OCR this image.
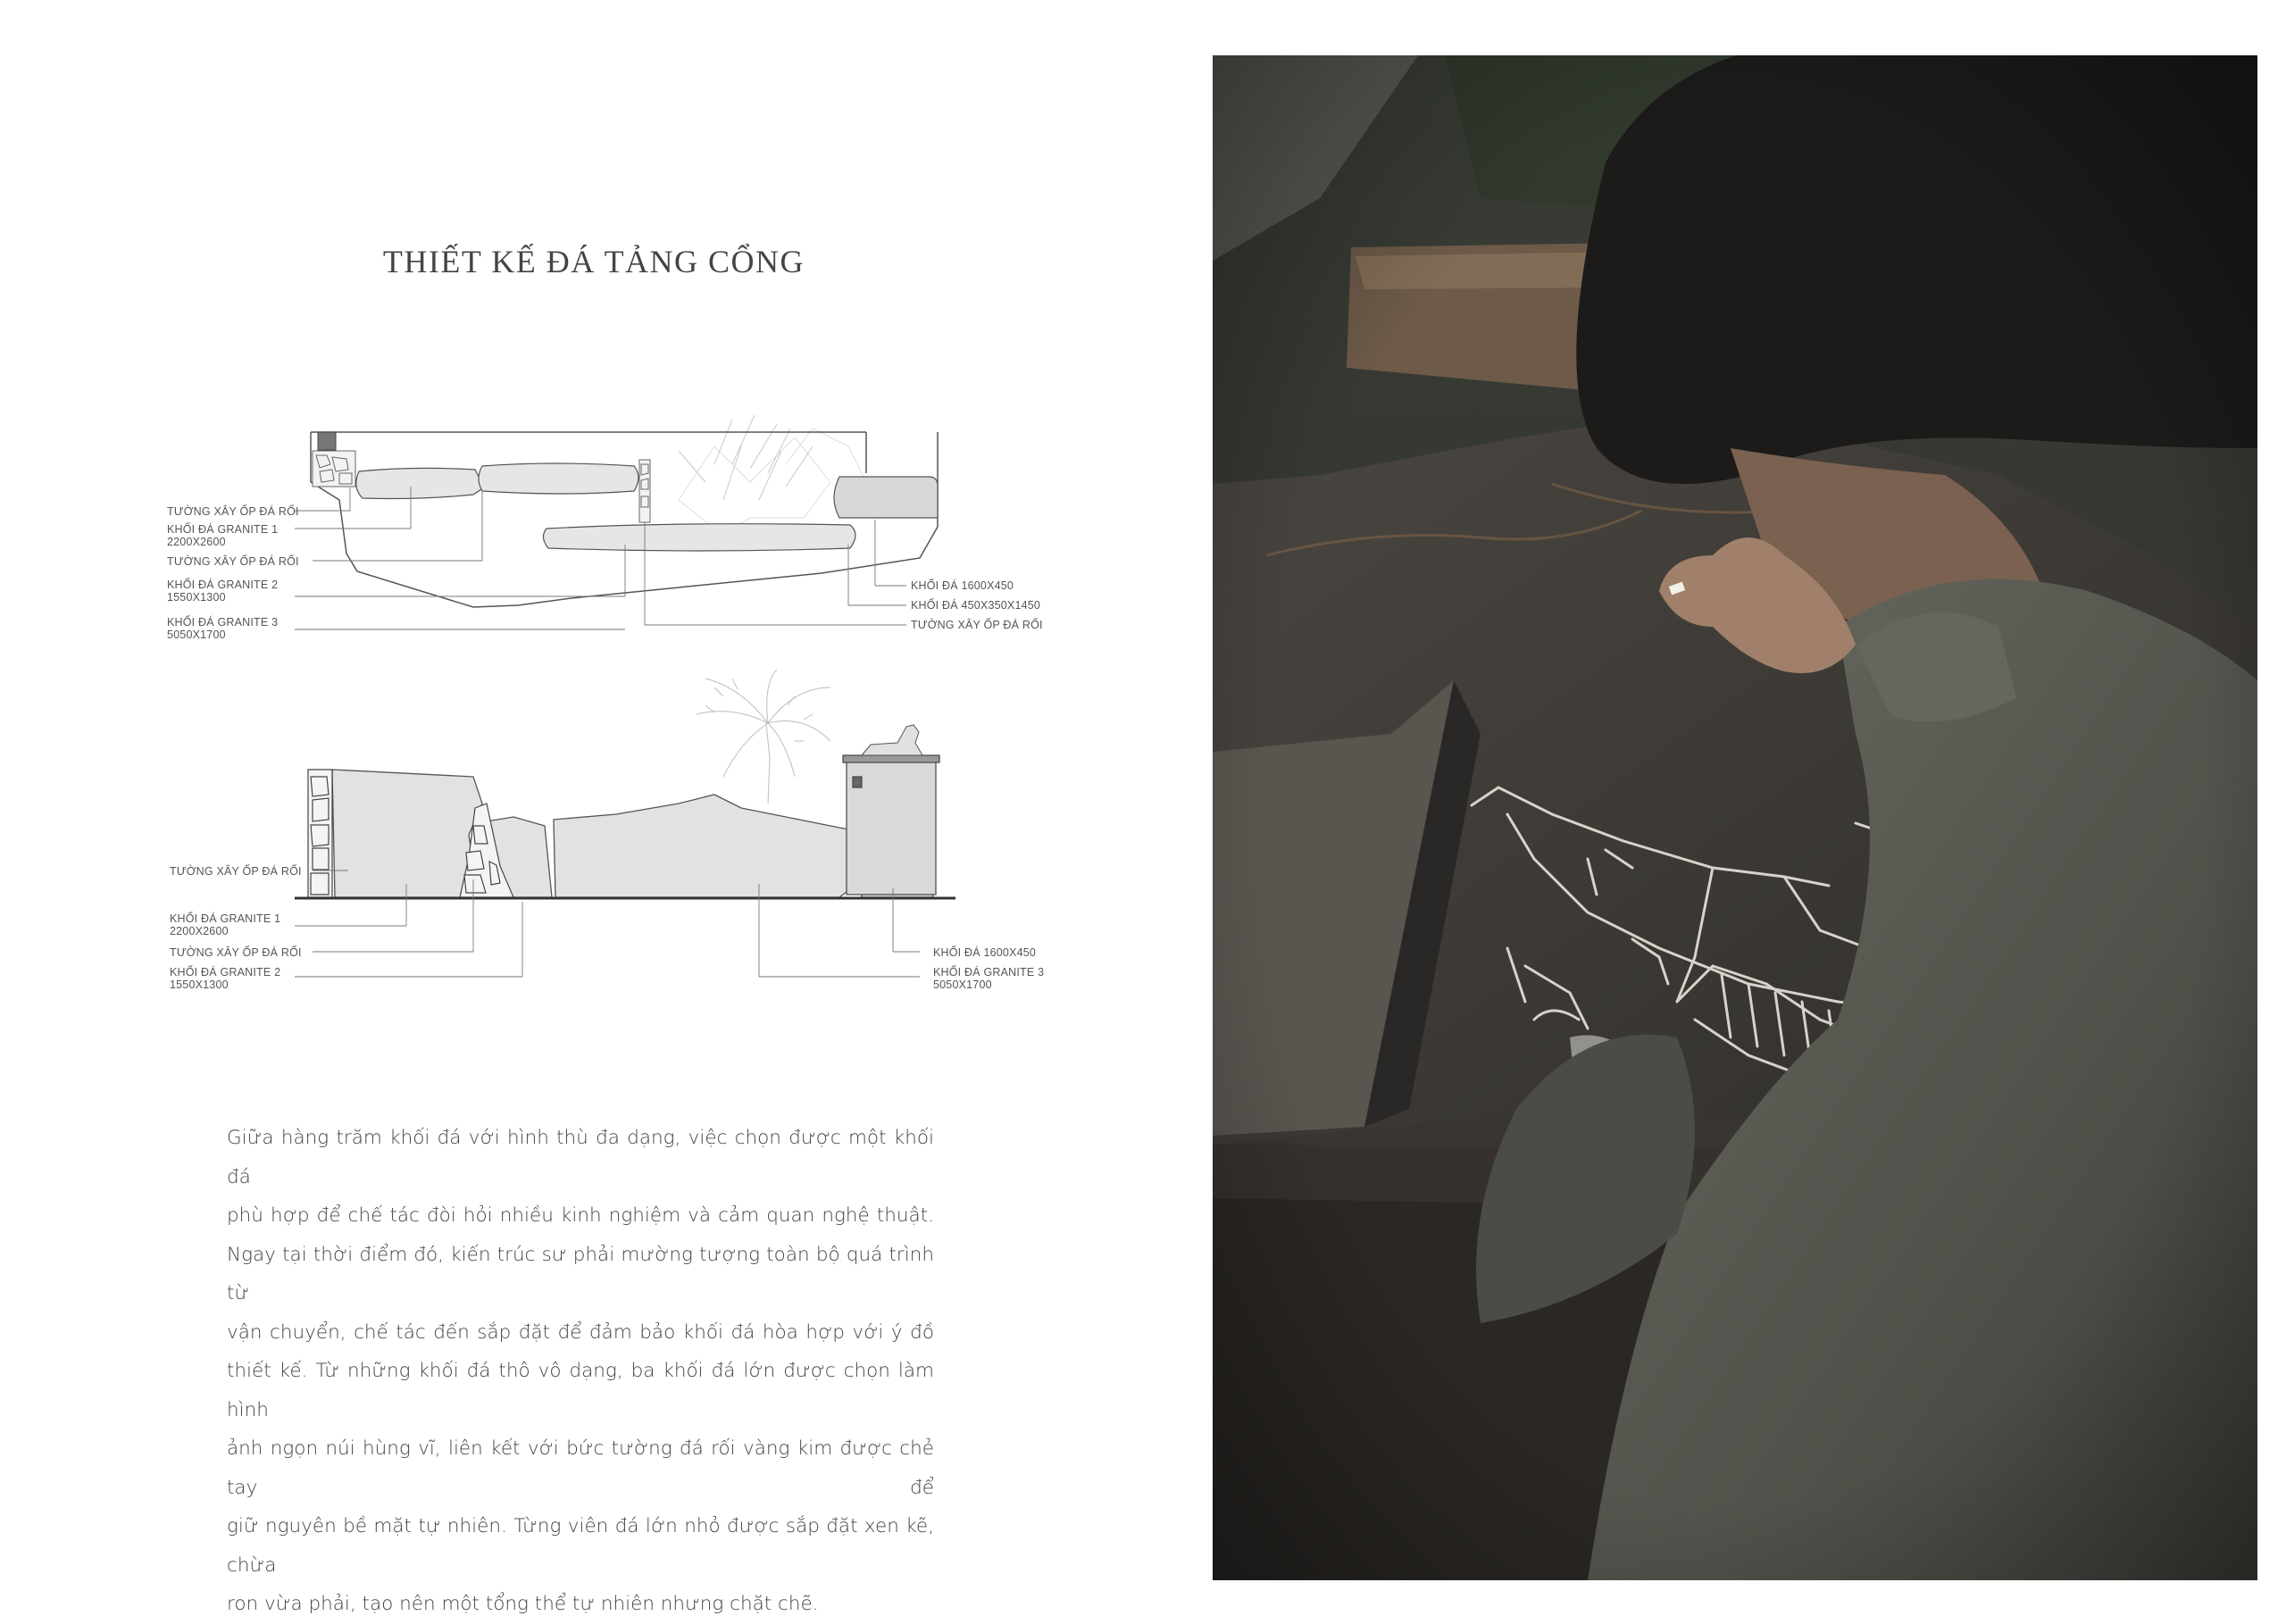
THIẾT KẾ ĐÁ TẢNG CỔNG
TƯỜNG XÂY ỐP ĐÁ RỐI
KHỐI ĐÁ GRANITE 1
2200X2600
TƯỜNG XÂY ỐP ĐÁ RỐI
KHỐI ĐÁ GRANITE 2
1550X1300
KHỐI ĐÁ GRANITE 3
5050X1700
KHỐI ĐÁ 1600X450
KHỐI ĐÁ 450X350X1450
TƯỜNG XÂY ỐP ĐÁ RỐI
TƯỜNG XÂY ỐP ĐÁ RỐI
KHỐI ĐÁ GRANITE 1
2200X2600
TƯỜNG XÂY ỐP ĐÁ RỐI
KHỐI ĐÁ GRANITE 2
1550X1300
KHỐI ĐÁ 1600X450
KHỐI ĐÁ GRANITE 3
5050X1700
Giữa hàng trăm khối đá với hình thù đa dạng, việc chọn được một khối đá
phù hợp để chế tác đòi hỏi nhiều kinh nghiệm và cảm quan nghệ thuật.
Ngay tại thời điểm đó, kiến trúc sư phải mường tượng toàn bộ quá trình từ
vận chuyển, chế tác đến sắp đặt để đảm bảo khối đá hòa hợp với ý đồ
thiết kế. Từ những khối đá thô vô dạng, ba khối đá lớn được chọn làm hình
ảnh ngọn núi hùng vĩ, liên kết với bức tường đá rối vàng kim được chẻ tay để
giữ nguyên bề mặt tự nhiên. Từng viên đá lớn nhỏ được sắp đặt xen kẽ, chừa
ron vừa phải, tạo nên một tổng thể tự nhiên nhưng chặt chẽ.
